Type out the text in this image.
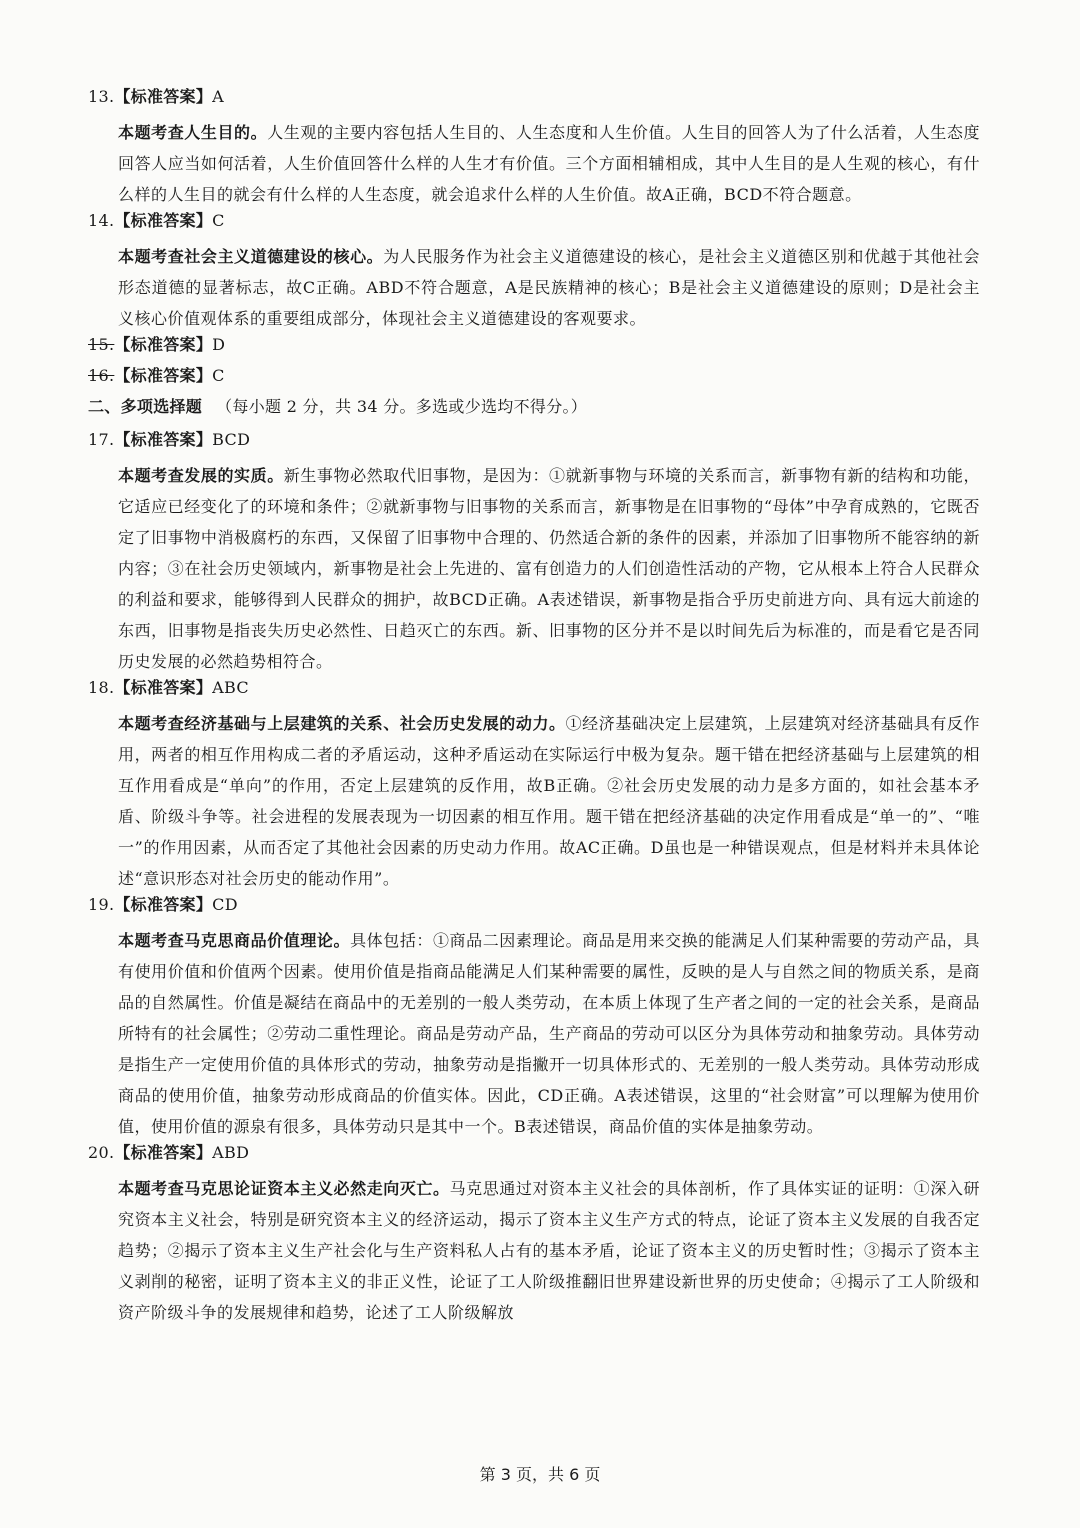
13.【标准答案】A

本题考查人生目的。人生观的主要内容包括人生目的、人生态度和人生价值。人生目的回答人为了什么活着，人生态度回答人应当如何活着，人生价值回答什么样的人生才有价值。三个方面相辅相成，其中人生目的是人生观的核心，有什么样的人生目的就会有什么样的人生态度，就会追求什么样的人生价值。故A正确，BCD不符合题意。

14.【标准答案】C

本题考查社会主义道德建设的核心。为人民服务作为社会主义道德建设的核心，是社会主义道德区别和优越于其他社会形态道德的显著标志，故C正确。ABD不符合题意，A是民族精神的核心；B是社会主义道德建设的原则；D是社会主义核心价值观体系的重要组成部分，体现社会主义道德建设的客观要求。

15.【标准答案】D
16.【标准答案】C
二、多项选择题 （每小题 2 分，共 34 分。多选或少选均不得分。）
17.【标准答案】BCD

本题考查发展的实质。新生事物必然取代旧事物，是因为：①就新事物与环境的关系而言，新事物有新的结构和功能，它适应已经变化了的环境和条件；②就新事物与旧事物的关系而言，新事物是在旧事物的“母体”中孕育成熟的，它既否定了旧事物中消极腐朽的东西，又保留了旧事物中合理的、仍然适合新的条件的因素，并添加了旧事物所不能容纳的新内容；③在社会历史领域内，新事物是社会上先进的、富有创造力的人们创造性活动的产物，它从根本上符合人民群众的利益和要求，能够得到人民群众的拥护，故BCD正确。A表述错误，新事物是指合乎历史前进方向、具有远大前途的东西，旧事物是指丧失历史必然性、日趋灭亡的东西。新、旧事物的区分并不是以时间先后为标准的，而是看它是否同历史发展的必然趋势相符合。

18.【标准答案】ABC

本题考查经济基础与上层建筑的关系、社会历史发展的动力。①经济基础决定上层建筑，上层建筑对经济基础具有反作用，两者的相互作用构成二者的矛盾运动，这种矛盾运动在实际运行中极为复杂。题干错在把经济基础与上层建筑的相互作用看成是“单向”的作用，否定上层建筑的反作用，故B正确。②社会历史发展的动力是多方面的，如社会基本矛盾、阶级斗争等。社会进程的发展表现为一切因素的相互作用。题干错在把经济基础的决定作用看成是“单一的”、“唯一”的作用因素，从而否定了其他社会因素的历史动力作用。故AC正确。D虽也是一种错误观点，但是材料并未具体论述“意识形态对社会历史的能动作用”。

19.【标准答案】CD

本题考查马克思商品价值理论。具体包括：①商品二因素理论。商品是用来交换的能满足人们某种需要的劳动产品，具有使用价值和价值两个因素。使用价值是指商品能满足人们某种需要的属性，反映的是人与自然之间的物质关系，是商品的自然属性。价值是凝结在商品中的无差别的一般人类劳动，在本质上体现了生产者之间的一定的社会关系，是商品所特有的社会属性；②劳动二重性理论。商品是劳动产品，生产商品的劳动可以区分为具体劳动和抽象劳动。具体劳动是指生产一定使用价值的具体形式的劳动，抽象劳动是指撇开一切具体形式的、无差别的一般人类劳动。具体劳动形成商品的使用价值，抽象劳动形成商品的价值实体。因此，CD正确。A表述错误，这里的“社会财富”可以理解为使用价值，使用价值的源泉有很多，具体劳动只是其中一个。B表述错误，商品价值的实体是抽象劳动。

20.【标准答案】ABD

本题考查马克思论证资本主义必然走向灭亡。马克思通过对资本主义社会的具体剖析，作了具体实证的证明：①深入研究资本主义社会，特别是研究资本主义的经济运动，揭示了资本主义生产方式的特点，论证了资本主义发展的自我否定趋势；②揭示了资本主义生产社会化与生产资料私人占有的基本矛盾，论证了资本主义的历史暂时性；③揭示了资本主义剥削的秘密，证明了资本主义的非正义性，论证了工人阶级推翻旧世界建设新世界的历史使命；④揭示了工人阶级和资产阶级斗争的发展规律和趋势，论述了工人阶级解放

第 3 页，共 6 页
